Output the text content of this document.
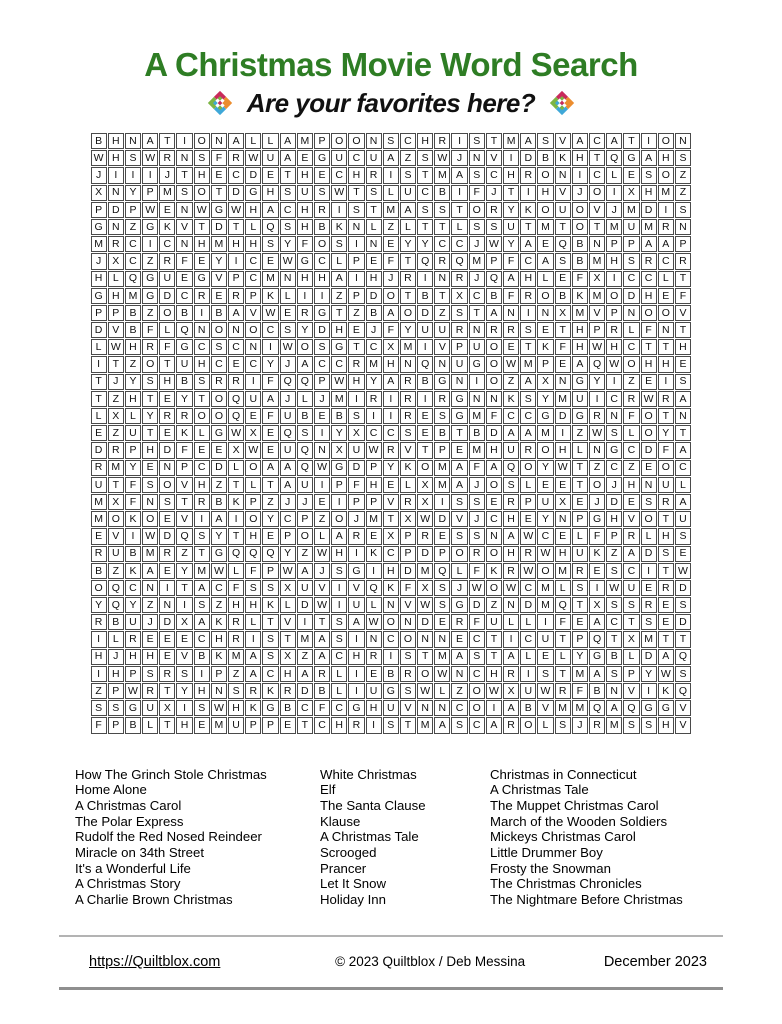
A Christmas Movie Word Search
Are your favorites here?
B H N A T	I	O N A	L	L	A M P O O N S C H R	I	S T M A S V A C A T	I	O N
W H S W R N S F R W U A E G U C U A Z S W J	N V	I	D B K H T Q G A H S
J	I	I	I	J	T H E C D E T H E C H R	I	S T M A S C H R O N	I	C L	E S O Z
X N Y P M S O T D G H S U S W T S	L U C B	I	F	J	T	I	H V	J O	I	X H M Z
P D P W E N W G W H A C H R	I	S T M A S S T O R Y K O U O V	J M D	I	S
G N Z G K V T D T	L Q S H B K N L	Z	L	T	T	L	S S U T M T O T M U M R N
M R C	I	C N H M H H S Y F O S	I	N E Y Y C C	J W Y A E Q B N P P A A P
J	X C Z R F E Y	I	C E W G C L	P E F	T Q R Q M P F C A S B M H S R C R
H L Q G U E G V P C M N H H A	I	H	J	R	I	N R	J Q A H L	E F X	I	C C L	T
G H M G D C R E R P K	L	I	I	Z P D O T B T X C B F R O B K M O D H E F
P P B Z O B	I	B A V W E R G T	Z B A O D Z S T A N	I	N X M V P N O O V
D V B F	L Q N O N O C S Y D H E	J	F Y U U R N R R S E T H P R L	F N T
L W H R F G C S C N	I	W O S G T C X M	I	V P U O E T K F H W H C T	T H
I	T	Z O T U H C E C Y	J	A C C R M H N Q N U G O W M P E A Q W O H H E
T	J	Y S H B S R R	I	F Q Q P W H Y A R B G N	I	O Z A X N G Y	I	Z E	I	S
T	Z H T E Y T O Q U A	J	L	J M	I	R	I	R	I	R G N N K S Y M U	I	C R W R A
L	X	L	Y R R O O Q E F U B E B S	I	I	R E S G M F C C G D G R N F O T N
E Z U T E K	L G W X E Q S	I	Y X C C S E B T B D A A M	I	Z W S	L O Y T
D R P H D F E E X W E U Q N X U W R V T P E M H U R O H L N G C D F A
R M Y E N P C D L O A A Q W G D P Y K O M A F A Q O Y W T	Z C Z E O C
U T	F S O V H Z	T	L	T A U	I	P F H E	L	X M A	J O S	L	E E T O J	H N U L
M X F N S T R B K P Z	J	J	E	I	P P V R X	I	S S E R P U X E	J	D E S R A
M O K O E V	I	A	I	O Y C P Z O J M T X W D V	J	C H E Y N P G H V O T U
E V	I	W D Q S Y T H E P O L	A R E X P R E S S N A W C E	L	F P R L H S
R U B M R Z	T G Q Q Q Y Z W H	I	K C P D P O R O H R W H U K Z A D S E
B Z K A E Y M W L	F P W A	J	S G	I	H D M Q L	F K R W O M R E S C	I	T W
O Q C N	I	T A C F S S X U V	I	V Q K F X S	J W O W C M L	S	I	W U E R D
Y Q Y Z N	I	S Z H H K	L D W	I	U L N V W S G D Z N D M Q T X S S R E S
R B U	J	D X A K R L	T V	I	T S A W O N D E R F U L	L	I	F E A C T S E D
I	L R E E E C H R	I	S T M A S	I	N C O N N E C T	I	C U T P Q T X M T	T
H	J	H H E V B K M A S X Z A C H R	I	S T M A S T A	L	E	L	Y G B	L D A Q
I	H P S R S	I	P Z A C H A R L	I	E B R O W N C H R	I	S T M A S P Y W S
Z P W R T Y H N S R K R D B	L	I	U G S W L	Z O W X U W R F B N V	I	K Q
S S G U X	I	S W H K G B C F C G H U V N N C O	I	A B V M M Q A Q G G V
F P B	L	T H E M U P P E T C H R	I	S T M A S C A R O L	S	J	R M S S H V
How The Grinch Stole Christmas
Home Alone
A Christmas Carol
The Polar Express
Rudolf the Red Nosed Reindeer
Miracle on 34th Street
It's a Wonderful Life
A Christmas Story
A Charlie Brown Christmas
White Christmas
Elf
The Santa Clause
Klause
A Christmas Tale
Scrooged
Prancer
Let It Snow
Holiday Inn
Christmas in Connecticut
A Christmas Tale
The Muppet Christmas Carol
March of the Wooden Soldiers
Mickeys Christmas Carol
Little Drummer Boy
Frosty the Snowman
The Christmas Chronicles
The Nightmare Before Christmas
https://Quiltblox.com	© 2023 Quiltblox / Deb Messina	December 2023
